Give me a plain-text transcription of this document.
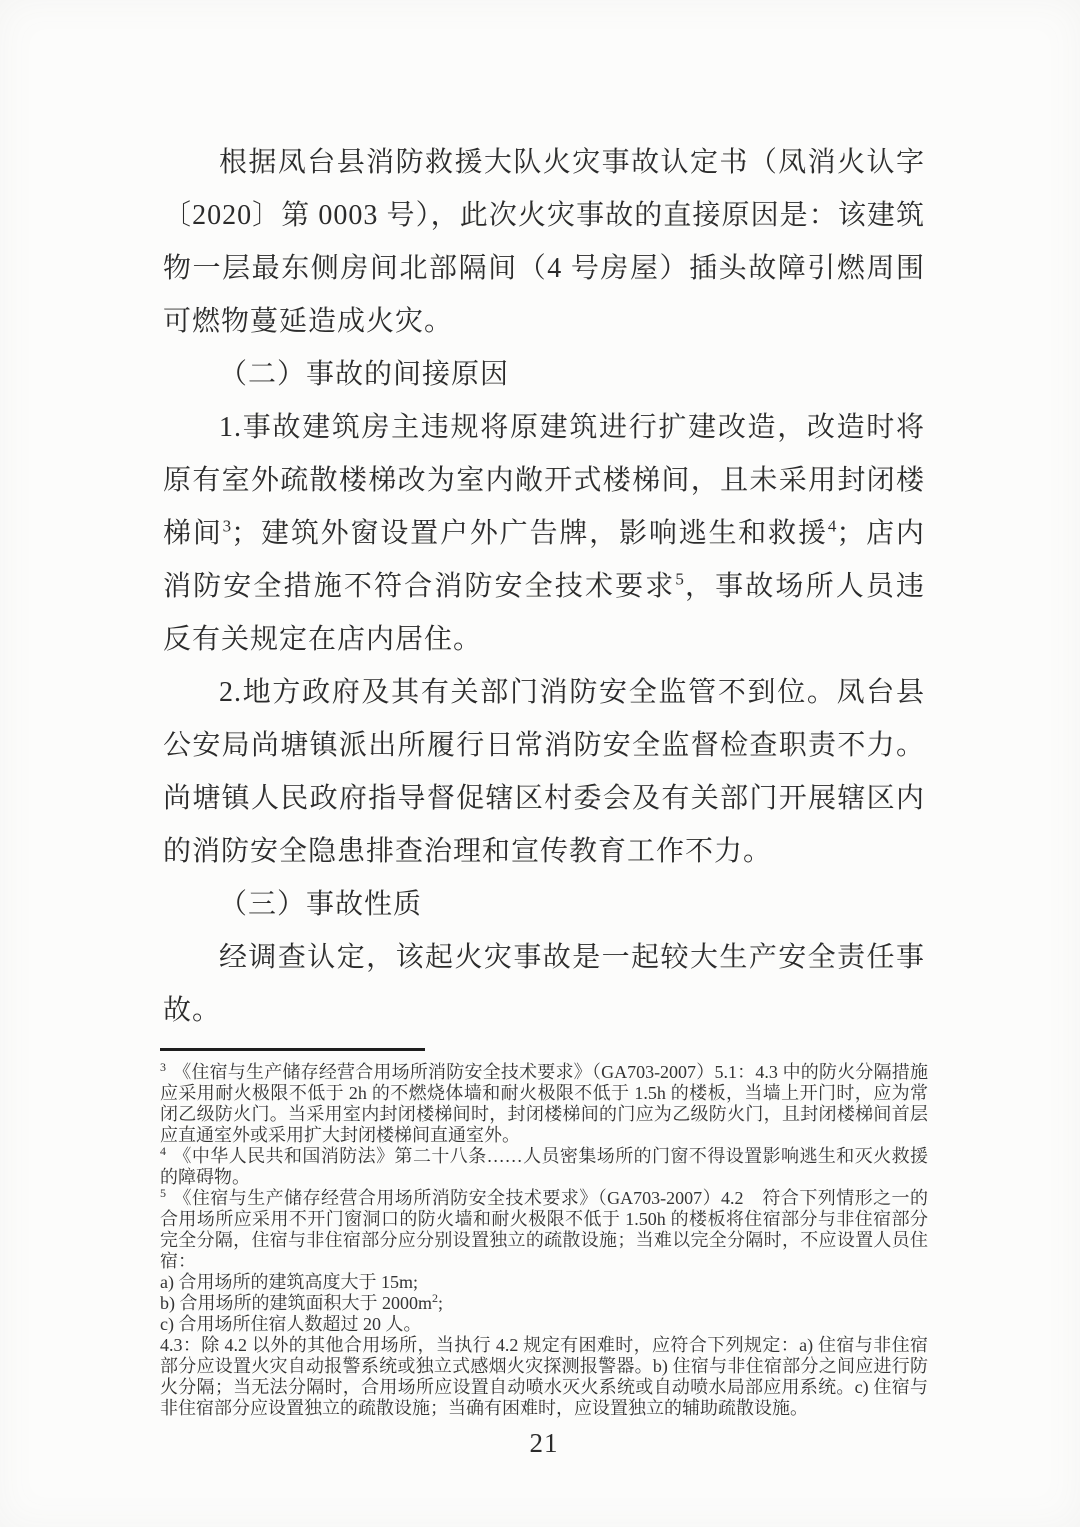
根据凤台县消防救援大队火灾事故认定书（凤消火认字〔2020〕第 0003 号），此次火灾事故的直接原因是：该建筑物一层最东侧房间北部隔间（4 号房屋）插头故障引燃周围可燃物蔓延造成火灾。

（二）事故的间接原因

1.事故建筑房主违规将原建筑进行扩建改造，改造时将原有室外疏散楼梯改为室内敞开式楼梯间，且未采用封闭楼梯间$^3$；建筑外窗设置户外广告牌，影响逃生和救援$^4$；店内消防安全措施不符合消防安全技术要求$^5$，事故场所人员违反有关规定在店内居住。

2.地方政府及其有关部门消防安全监管不到位。凤台县公安局尚塘镇派出所履行日常消防安全监督检查职责不力。尚塘镇人民政府指导督促辖区村委会及有关部门开展辖区内的消防安全隐患排查治理和宣传教育工作不力。

（三）事故性质

经调查认定，该起火灾事故是一起较大生产安全责任事故。

$^3$ 《住宿与生产储存经营合用场所消防安全技术要求》（GA703-2007）5.1：4.3 中的防火分隔措施应采用耐火极限不低于 2h 的不燃烧体墙和耐火极限不低于 1.5h 的楼板，当墙上开门时，应为常闭乙级防火门。当采用室内封闭楼梯间时，封闭楼梯间的门应为乙级防火门，且封闭楼梯间首层应直通室外或采用扩大封闭楼梯间直通室外。

$^4$ 《中华人民共和国消防法》第二十八条……人员密集场所的门窗不得设置影响逃生和灭火救援的障碍物。

$^5$ 《住宿与生产储存经营合用场所消防安全技术要求》（GA703-2007）4.2　符合下列情形之一的合用场所应采用不开门窗洞口的防火墙和耐火极限不低于 1.50h 的楼板将住宿部分与非住宿部分完全分隔，住宿与非住宿部分应分别设置独立的疏散设施；当难以完全分隔时，不应设置人员住宿：

a) 合用场所的建筑高度大于 15m;

b) 合用场所的建筑面积大于 2000m$^2$;

c) 合用场所住宿人数超过 20 人。

4.3：除 4.2 以外的其他合用场所，当执行 4.2 规定有困难时，应符合下列规定：a) 住宿与非住宿部分应设置火灾自动报警系统或独立式感烟火灾探测报警器。b) 住宿与非住宿部分之间应进行防火分隔；当无法分隔时，合用场所应设置自动喷水灭火系统或自动喷水局部应用系统。c) 住宿与非住宿部分应设置独立的疏散设施；当确有困难时，应设置独立的辅助疏散设施。

21
